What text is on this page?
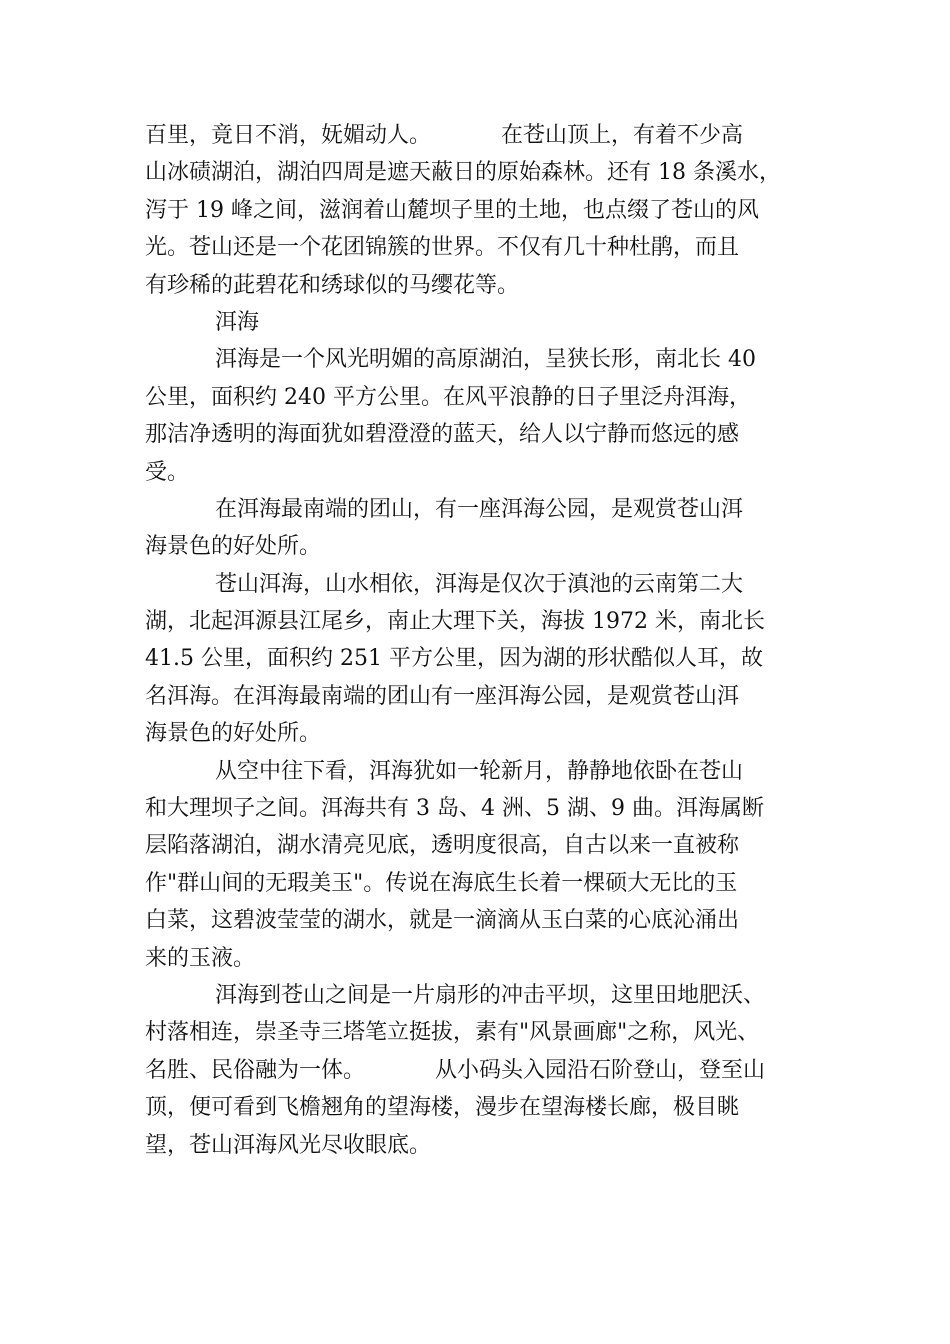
百里，竟日不消，妩媚动人。	在苍山顶上，有着不少高
山冰碛湖泊，湖泊四周是遮天蔽日的原始森林。还有 18 条溪水，
泻于 19 峰之间，滋润着山麓坝子里的土地，也点缀了苍山的风
光。苍山还是一个花团锦簇的世界。不仅有几十种杜鹃，而且
有珍稀的茈碧花和绣球似的马缨花等。
洱海
洱海是一个风光明媚的高原湖泊，呈狭长形，南北长 40
公里，面积约 240 平方公里。在风平浪静的日子里泛舟洱海，
那洁净透明的海面犹如碧澄澄的蓝天，给人以宁静而悠远的感
受。
在洱海最南端的团山，有一座洱海公园，是观赏苍山洱
海景色的好处所。
苍山洱海，山水相依，洱海是仅次于滇池的云南第二大
湖，北起洱源县江尾乡，南止大理下关，海拔 1972 米，南北长
41.5 公里，面积约 251 平方公里，因为湖的形状酷似人耳，故
名洱海。在洱海最南端的团山有一座洱海公园，是观赏苍山洱
海景色的好处所。
从空中往下看，洱海犹如一轮新月，静静地依卧在苍山
和大理坝子之间。洱海共有 3 岛、4 洲、5 湖、9 曲。洱海属断
层陷落湖泊，湖水清亮见底，透明度很高，自古以来一直被称
作"群山间的无瑕美玉"。传说在海底生长着一棵硕大无比的玉
白菜，这碧波莹莹的湖水，就是一滴滴从玉白菜的心底沁涌出
来的玉液。
洱海到苍山之间是一片扇形的冲击平坝，这里田地肥沃、
村落相连，崇圣寺三塔笔立挺拔，素有"风景画廊"之称，风光、
名胜、民俗融为一体。	从小码头入园沿石阶登山，登至山
顶，便可看到飞檐翘角的望海楼，漫步在望海楼长廊，极目眺
望，苍山洱海风光尽收眼底。
